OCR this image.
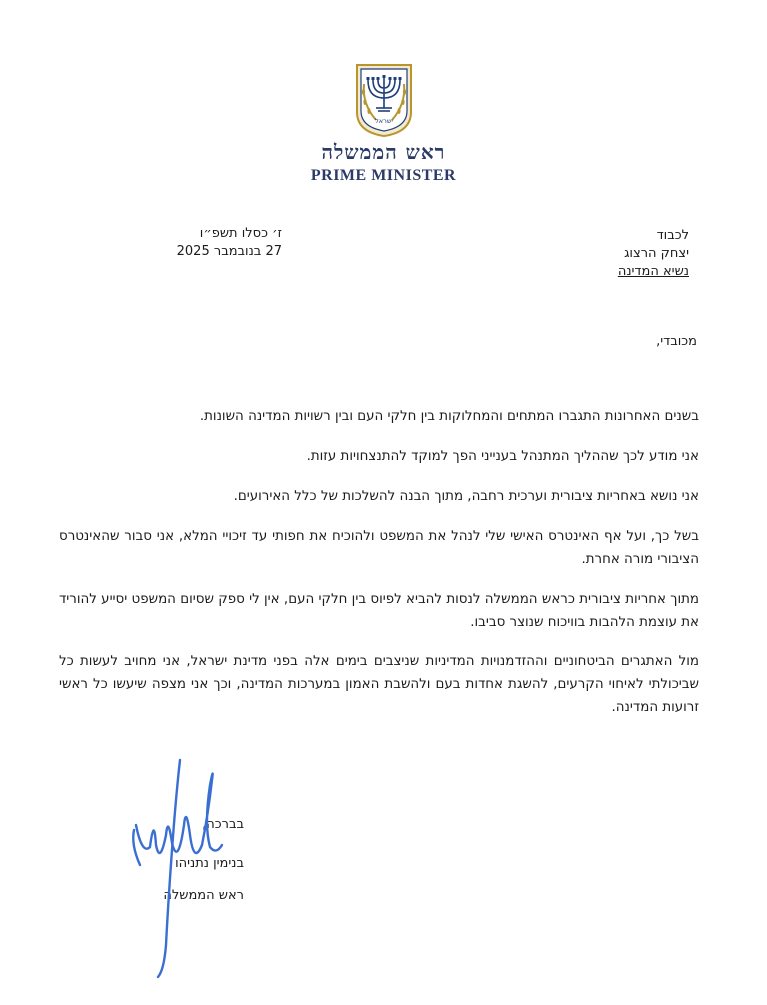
ישראל
ראש הממשלה
PRIME MINISTER
ז׳ כסלו תשפ״ו
27 בנובמבר 2025
לכבוד
יצחק הרצוג
נשיא המדינה
מכובדי,
בשנים האחרונות התגברו המתחים והמחלוקות בין חלקי העם ובין רשויות המדינה השונות.
אני מודע לכך שההליך המתנהל בענייני הפך למוקד להתנצחויות עזות.
אני נושא באחריות ציבורית וערכית רחבה, מתוך הבנה להשלכות של כלל האירועים.
בשל כך, ועל אף האינטרס האישי שלי לנהל את המשפט ולהוכיח את חפותי עד זיכויי המלא, אני סבור שהאינטרס הציבורי מורה אחרת.
מתוך אחריות ציבורית כראש הממשלה לנסות להביא לפיוס בין חלקי העם, אין לי ספק שסיום המשפט יסייע להוריד את עוצמת הלהבות בוויכוח שנוצר סביבו.
מול האתגרים הביטחוניים וההזדמנויות המדיניות שניצבים בימים אלה בפני מדינת ישראל, אני מחויב לעשות כל שביכולתי לאיחוי הקרעים, להשגת אחדות בעם ולהשבת האמון במערכות המדינה, וכך אני מצפה שיעשו כל ראשי זרועות המדינה.
בברכה,
בנימין נתניהו
ראש הממשלה
